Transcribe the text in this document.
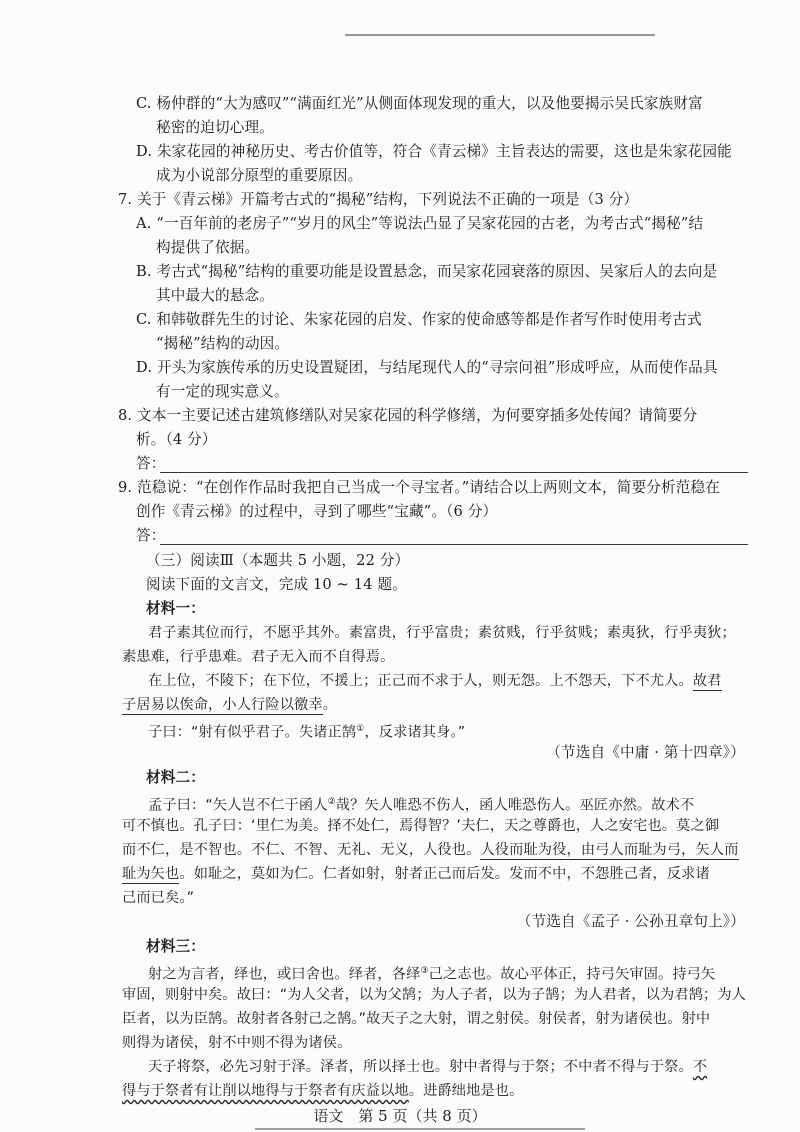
C. 杨仲群的“大为感叹”“满面红光”从侧面体现发现的重大，以及他要揭示吴氏家族财富
秘密的迫切心理。
D. 朱家花园的神秘历史、考古价值等，符合《青云梯》主旨表达的需要，这也是朱家花园能
成为小说部分原型的重要原因。
7. 关于《青云梯》开篇考古式的“揭秘”结构，下列说法不正确的一项是（3 分）
A. “一百年前的老房子”“岁月的风尘”等说法凸显了吴家花园的古老，为考古式“揭秘”结
构提供了依据。
B. 考古式“揭秘”结构的重要功能是设置悬念，而吴家花园衰落的原因、吴家后人的去向是
其中最大的悬念。
C. 和韩敬群先生的讨论、朱家花园的启发、作家的使命感等都是作者写作时使用考古式
“揭秘”结构的动因。
D. 开头为家族传承的历史设置疑团，与结尾现代人的“寻宗问祖”形成呼应，从而使作品具
有一定的现实意义。
8. 文本一主要记述古建筑修缮队对吴家花园的科学修缮，为何要穿插多处传闻？请简要分
析。（4 分）
答：
9. 范稳说：“在创作作品时我把自己当成一个寻宝者。”请结合以上两则文本，简要分析范稳在
创作《青云梯》的过程中，寻到了哪些“宝藏”。（6 分）
答：
（三）阅读Ⅲ（本题共 5 小题，22 分）
阅读下面的文言文，完成 10 ~ 14 题。
材料一：
君子素其位而行，不愿乎其外。素富贵，行乎富贵；素贫贱，行乎贫贱；素夷狄，行乎夷狄；
素患难，行乎患难。君子无入而不自得焉。
在上位，不陵下；在下位，不援上；正己而不求于人，则无怨。上不怨天，下不尤人。故君
子居易以俟命，小人行险以徼幸。
子曰：“射有似乎君子。失诸正鹄①，反求诸其身。”
（节选自《中庸 · 第十四章》）
材料二：
孟子曰：“矢人岂不仁于函人②哉？矢人唯恐不伤人，函人唯恐伤人。巫匠亦然。故术不
可不慎也。孔子曰：‘里仁为美。择不处仁，焉得智？’夫仁，天之尊爵也，人之安宅也。莫之御
而不仁，是不智也。不仁、不智、无礼、无义，人役也。人役而耻为役，由弓人而耻为弓，矢人而
耻为矢也。如耻之，莫如为仁。仁者如射，射者正己而后发。发而不中，不怨胜己者，反求诸
己而已矣。”
（节选自《孟子 · 公孙丑章句上》）
材料三：
射之为言者，绎也，或曰舍也。绎者，各绎③己之志也。故心平体正，持弓矢审固。持弓矢
审固，则射中矣。故曰：“为人父者，以为父鹄；为人子者，以为子鹄；为人君者，以为君鹄；为人
臣者，以为臣鹄。故射者各射己之鹄。”故天子之大射，谓之射侯。射侯者，射为诸侯也。射中
则得为诸侯，射不中则不得为诸侯。
天子将祭，必先习射于泽。泽者，所以择士也。射中者得与于祭；不中者不得与于祭。不
得与于祭者有让削以地得与于祭者有庆益以地。进爵绌地是也。
语文　第 5 页（共 8 页）
